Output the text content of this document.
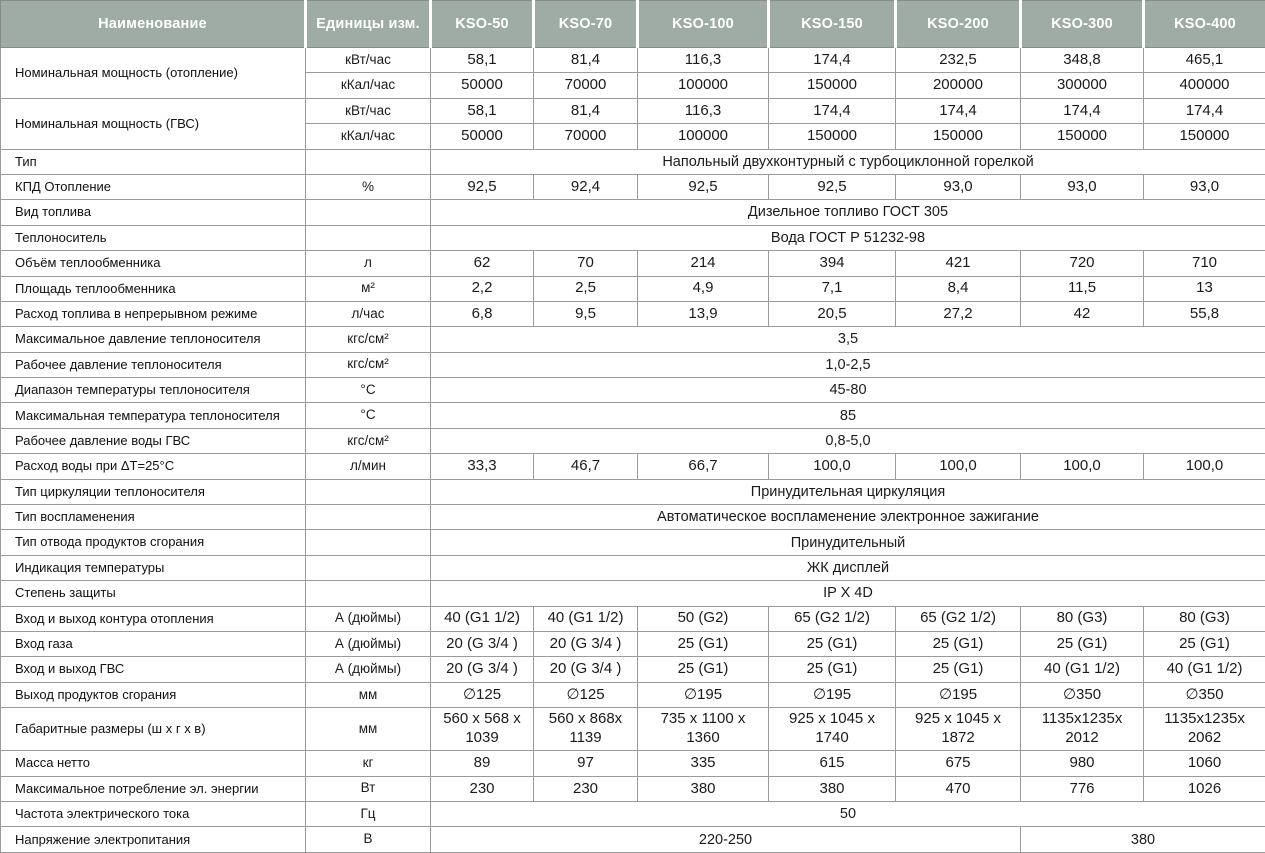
Наименование	Единицы изм.	KSO-50	KSO-70	KSO-100	KSO-150	KSO-200	KSO-300	KSO-400
Номинальная мощность (отопление)	кВт/час	58,1	81,4	116,3	174,4	232,5	348,8	465,1
	кКал/час	50000	70000	100000	150000	200000	300000	400000
Номинальная мощность (ГВС)	кВт/час	58,1	81,4	116,3	174,4	174,4	174,4	174,4
	кКал/час	50000	70000	100000	150000	150000	150000	150000
Тип		Напольный двухконтурный с турбоциклонной горелкой						
КПД Отопление	%	92,5	92,4	92,5	92,5	93,0	93,0	93,0
Вид топлива		Дизельное топливо ГОСТ 305						
Теплоноситель		Вода ГОСТ Р 51232-98						
Объём теплообменника	л	62	70	214	394	421	720	710
Площадь теплообменника	м²	2,2	2,5	4,9	7,1	8,4	11,5	13
Расход топлива в непрерывном режиме	л/час	6,8	9,5	13,9	20,5	27,2	42	55,8
Максимальное давление теплоносителя	кгс/см²	3,5						
Рабочее давление теплоносителя	кгс/см²	1,0-2,5						
Диапазон температуры теплоносителя	°С	45-80						
Максимальная температура теплоносителя	°С	85						
Рабочее давление воды ГВС	кгс/см²	0,8-5,0						
Расход воды при ΔТ=25°С	л/мин	33,3	46,7	66,7	100,0	100,0	100,0	100,0
Тип циркуляции теплоносителя		Принудительная циркуляция						
Тип воспламенения		Автоматическое воспламенение электронное зажигание						
Тип отвода продуктов сгорания		Принудительный						
Индикация температуры		ЖК дисплей						
Степень защиты		IP X 4D						
Вход и выход контура отопления	А (дюймы)	40 (G1 1/2)	40 (G1 1/2)	50 (G2)	65 (G2 1/2)	65 (G2 1/2)	80 (G3)	80 (G3)
Вход газа	А (дюймы)	20 (G 3/4 )	20 (G 3/4 )	25 (G1)	25 (G1)	25 (G1)	25 (G1)	25 (G1)
Вход и выход ГВС	А (дюймы)	20 (G 3/4 )	20 (G 3/4 )	25 (G1)	25 (G1)	25 (G1)	40 (G1 1/2)	40 (G1 1/2)
Выход продуктов сгорания	мм	∅125	∅125	∅195	∅195	∅195	∅350	∅350
Габаритные размеры (ш х г х в)	мм	560 x 568 x 1039	560 x 868x 1139	735 x 1100 x 1360	925 x 1045 x 1740	925 x 1045 x 1872	1135x1235x 2012	1135x1235x 2062
Масса нетто	кг	89	97	335	615	675	980	1060
Максимальное потребление эл. энергии	Вт	230	230	380	380	470	776	1026
Частота электрического тока	Гц	50						
Напряжение электропитания	В	220-250					380	
